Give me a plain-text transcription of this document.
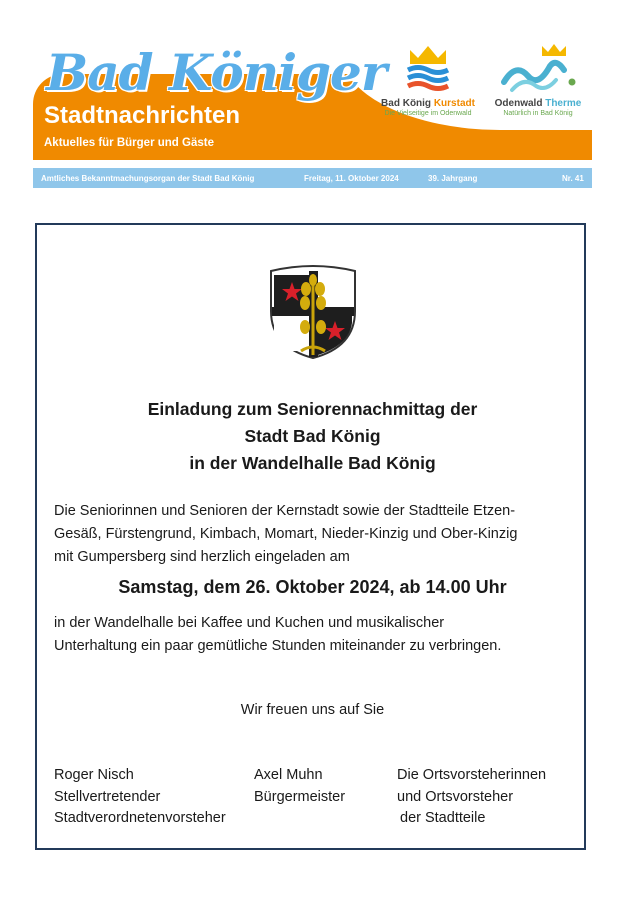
Bad Königer
Stadtnachrichten
Aktuelles für Bürger und Gäste
Bad König Kurstadt
Die Vielseitige im Odenwald
Odenwald Therme
Natürlich in Bad König
Amtliches Bekanntmachungsorgan der Stadt Bad König	Freitag, 11. Oktober 2024	39. Jahrgang	Nr. 41
Einladung zum Seniorennachmittag der
Stadt Bad König
in der Wandelhalle Bad König
Die Seniorinnen und Senioren der Kernstadt sowie der Stadtteile Etzen-
Gesäß, Fürstengrund, Kimbach, Momart, Nieder-Kinzig und Ober-Kinzig
mit Gumpersberg sind herzlich eingeladen am
Samstag, dem 26. Oktober 2024, ab 14.00 Uhr
in der Wandelhalle bei Kaffee und Kuchen und musikalischer
Unterhaltung ein paar gemütliche Stunden miteinander zu verbringen.
Wir freuen uns auf Sie
Roger Nisch
Stellvertretender
Stadtverordnetenvorsteher
Axel Muhn
Bürgermeister
Die Ortsvorsteherinnen
und Ortsvorsteher
der Stadtteile
